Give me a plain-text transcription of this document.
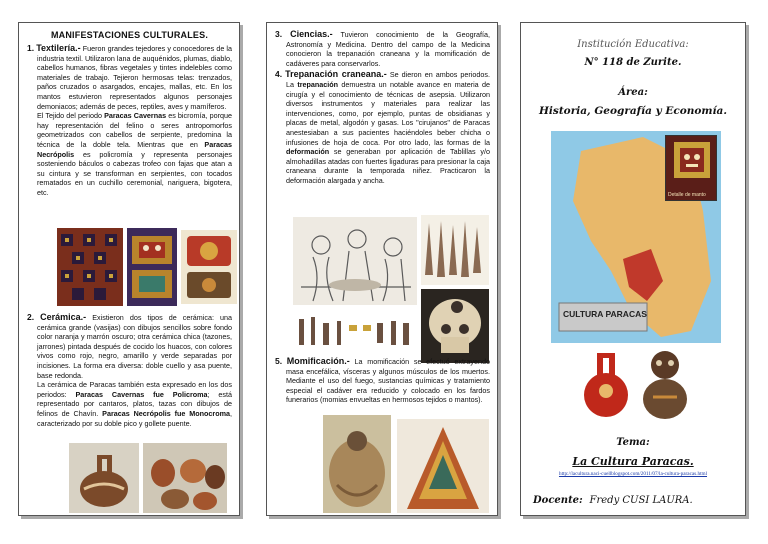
MANIFESTACIONES CULTURALES.
1. Textilería.- Fueron grandes tejedores y conocedores de la industria textil. Utilizaron lana de auquénidos, plumas, diablo, cabellos humanos, fibras vegetales y tintes indelebles como materiales de trabajo. Tejieron hermosas telas: trenzados, paños cruzados o asargados, encajes, mallas, etc. En los mantos estuvieron representados algunos personajes demoniacos; además de peces, reptiles, aves y mamíferos.
El Tejido del periodo Paracas Cavernas es bicromía, porque hay representación del felino o seres antropomorfos geometrizados con cabellos de serpiente, predomina la técnica de la doble tela. Mientras que en Paracas Necrópolis es policromía y representa personajes sosteniendo báculos o cabezas trofeo con fajas que atan a su cintura y se transforman en serpientes, con tocados rematados en un cuchillo ceremonial, nariguera, bigotera, etc.
2. Cerámica.- Existieron dos tipos de cerámica: una cerámica grande (vasijas) con dibujos sencillos sobre fondo color naranja y marrón oscuro; otra cerámica chica (tazones, jarrones) pintada después de cocido los huacos, con colores vivos como rojo, negro, amarillo y verde separadas por incisiones. La forma era diversa: doble cuello y asa puente, base redonda.
La cerámica de Paracas también esta expresado en los dos periodos: Paracas Cavernas fue Policroma; está representado por cantaros, platos, tazas con dibujos de felinos de Chavín. Paracas Necrópolis fue Monocroma, caracterizado por su doble pico y gollete puente.
3. Ciencias.- Tuvieron conocimiento de la Geografía, Astronomía y Medicina. Dentro del campo de la Medicina conocieron la trepanación craneana y la momificación de cadáveres para conservarlos.
4. Trepanación craneana.- Se dieron en ambos periodos. La trepanación demuestra un notable avance en materia de cirugía y el conocimiento de técnicas de asepsia. Utilizaron diversos instrumentos y materiales para realizar las intervenciones, como, por ejemplo, puntas de obsidianas y placas de metal, algodón y gasas. Los "cirujanos" de Paracas anestesiaban a sus pacientes haciéndoles beber chicha o infusiones de hoja de coca. Por otro lado, las formas de la deformación se generaban por aplicación de Tablillas y/o almohadillas atadas con fuertes ligaduras para presionar la caja craneana durante la temporada niñez. Practicaron la deformación alargada y ancha.
5. Momificación.- La momificación se efectuó extrayendo masa encefálica, vísceras y algunos músculos de los muertos. Mediante el uso del fuego, sustancias químicas y tratamiento especial el cadáver era reducido y colocado en los fardos funerarios (momias envueltas en hermosos tejidos o mantos).
Institución Educativa:
N° 118 de Zurite.
Área:
Historia, Geografía y Economía.
CULTURA PARACAS
Detalle de manto
Tema:
La Cultura Paracas.
http://lacultura.naci-cuellblogspot.com/2011/07/la-cultura-paracas.html
Docente: Fredy CUSI LAURA.
